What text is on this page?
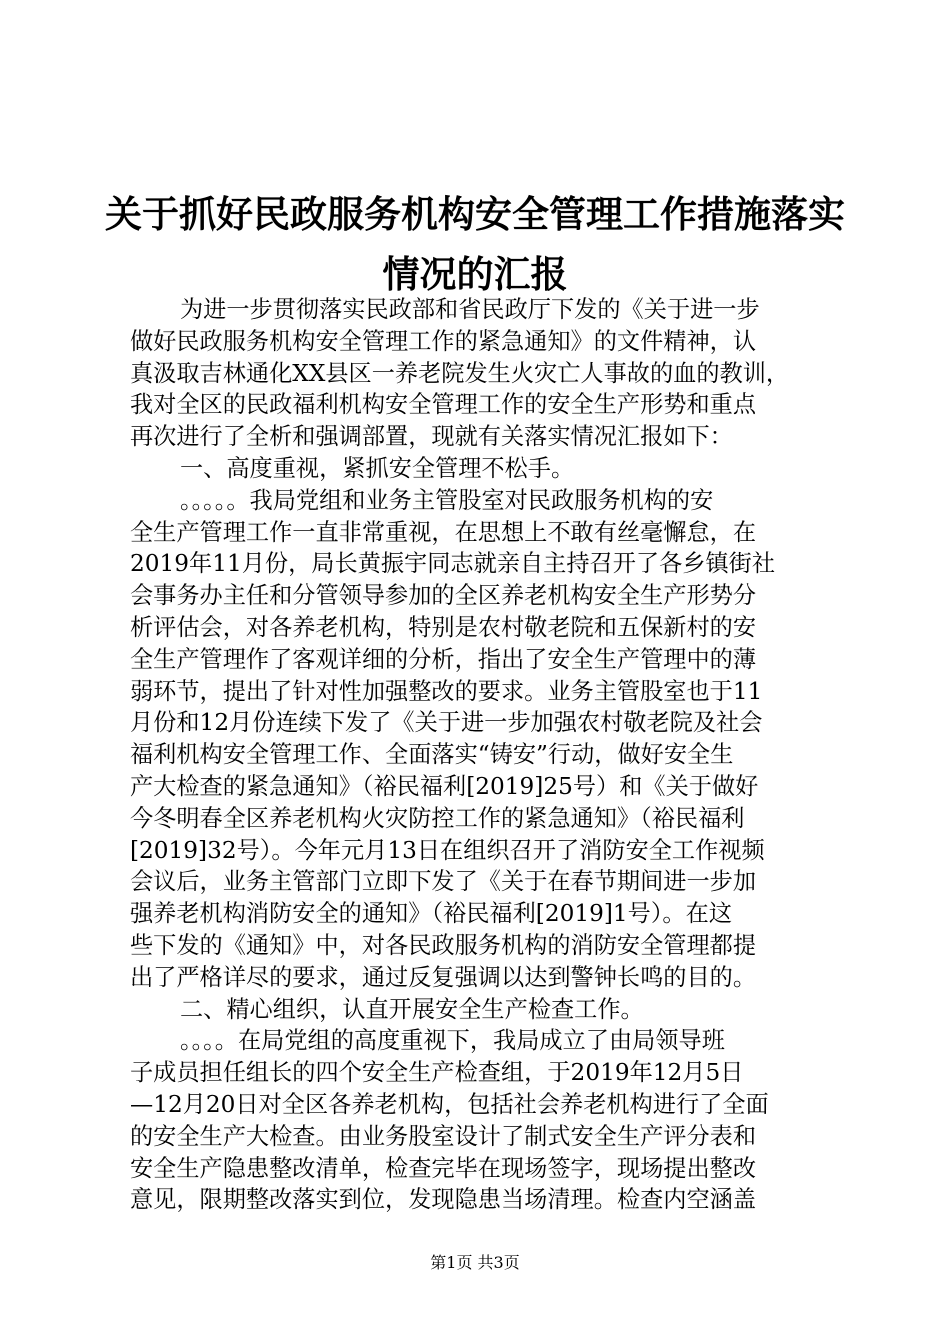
关于抓好民政服务机构安全管理工作措施落实
情况的汇报
为进一步贯彻落实民政部和省民政厅下发的《关于进一步
做好民政服务机构安全管理工作的紧急通知》的文件精神，认
真汲取吉林通化XX县区一养老院发生火灾亡人事故的血的教训，
我对全区的民政福利机构安全管理工作的安全生产形势和重点
再次进行了全析和强调部置，现就有关落实情况汇报如下：
一、高度重视，紧抓安全管理不松手。
。。。。。我局党组和业务主管股室对民政服务机构的安
全生产管理工作一直非常重视，在思想上不敢有丝毫懈怠，在
2019年11月份，局长黄振宇同志就亲自主持召开了各乡镇街社
会事务办主任和分管领导参加的全区养老机构安全生产形势分
析评估会，对各养老机构，特别是农村敬老院和五保新村的安
全生产管理作了客观详细的分析，指出了安全生产管理中的薄
弱环节，提出了针对性加强整改的要求。业务主管股室也于11
月份和12月份连续下发了《关于进一步加强农村敬老院及社会
福利机构安全管理工作、全面落实“铸安”行动，做好安全生
产大检查的紧急通知》（裕民福利[2019]25号）和《关于做好
今冬明春全区养老机构火灾防控工作的紧急通知》（裕民福利
[2019]32号）。今年元月13日在组织召开了消防安全工作视频
会议后，业务主管部门立即下发了《关于在春节期间进一步加
强养老机构消防安全的通知》（裕民福利[2019]1号）。在这
些下发的《通知》中，对各民政服务机构的消防安全管理都提
出了严格详尽的要求，通过反复强调以达到警钟长鸣的目的。
二、精心组织，认直开展安全生产检查工作。
。。。。在局党组的高度重视下，我局成立了由局领导班
子成员担任组长的四个安全生产检查组，于2019年12月5日
—12月20日对全区各养老机构，包括社会养老机构进行了全面
的安全生产大检查。由业务股室设计了制式安全生产评分表和
安全生产隐患整改清单，检查完毕在现场签字，现场提出整改
意见，限期整改落实到位，发现隐患当场清理。检查内空涵盖
第1页 共3页
